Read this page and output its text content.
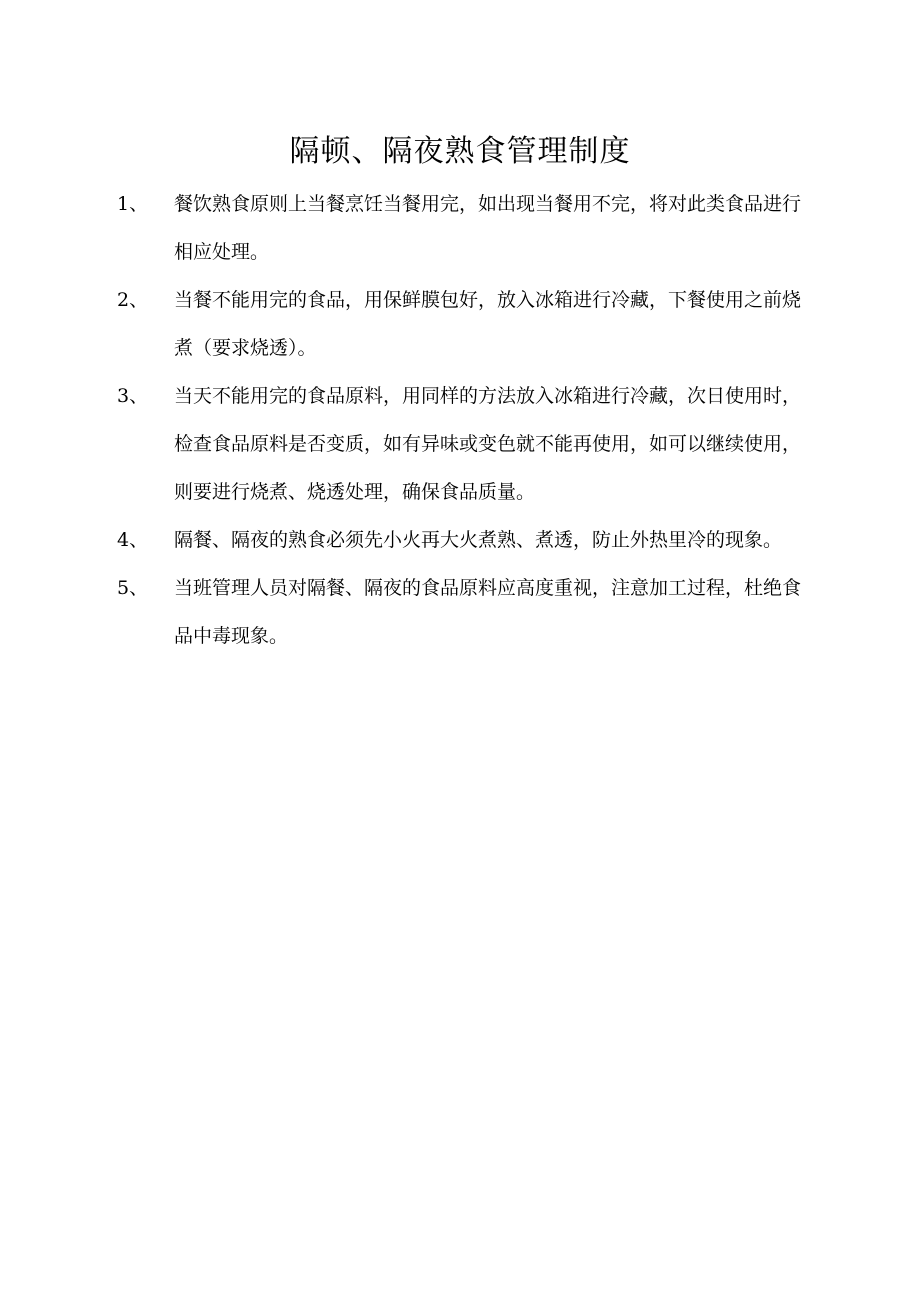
隔顿、隔夜熟食管理制度
1、	餐饮熟食原则上当餐烹饪当餐用完，如出现当餐用不完，将对此类食品进行相应处理。
2、	当餐不能用完的食品，用保鲜膜包好，放入冰箱进行冷藏，下餐使用之前烧煮（要求烧透）。
3、	当天不能用完的食品原料，用同样的方法放入冰箱进行冷藏，次日使用时，检查食品原料是否变质，如有异味或变色就不能再使用，如可以继续使用，则要进行烧煮、烧透处理，确保食品质量。
4、	隔餐、隔夜的熟食必须先小火再大火煮熟、煮透，防止外热里冷的现象。
5、	当班管理人员对隔餐、隔夜的食品原料应高度重视，注意加工过程，杜绝食品中毒现象。
